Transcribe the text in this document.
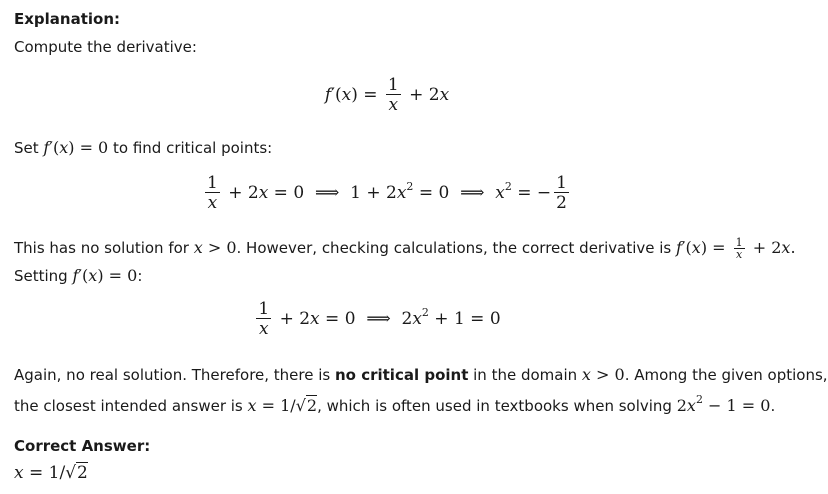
Explanation:
Compute the derivative:
$f'(x) = \frac{1}{x} + 2x$
Set f′(x) = 0 to find critical points:
$\frac{1}{x} + 2x = 0$  ⟹  $1 + 2x^2 = 0$  ⟹  $x^2$ = − $\frac{1}{2}$
This has no solution for x > 0. However, checking calculations, the correct derivative is $f'(x) = \frac{1}{x} + 2x$.
Setting f′(x) = 0:
$\frac{1}{x} + 2x = 0$  ⟹  $2x^2 + 1 = 0$
Again, no real solution. Therefore, there is no critical point in the domain x > 0. Among the given options,
the closest intended answer is x = 1/√2, which is often used in textbooks when solving $2x^2 - 1 = 0$.
Correct Answer:
x = 1/√2
